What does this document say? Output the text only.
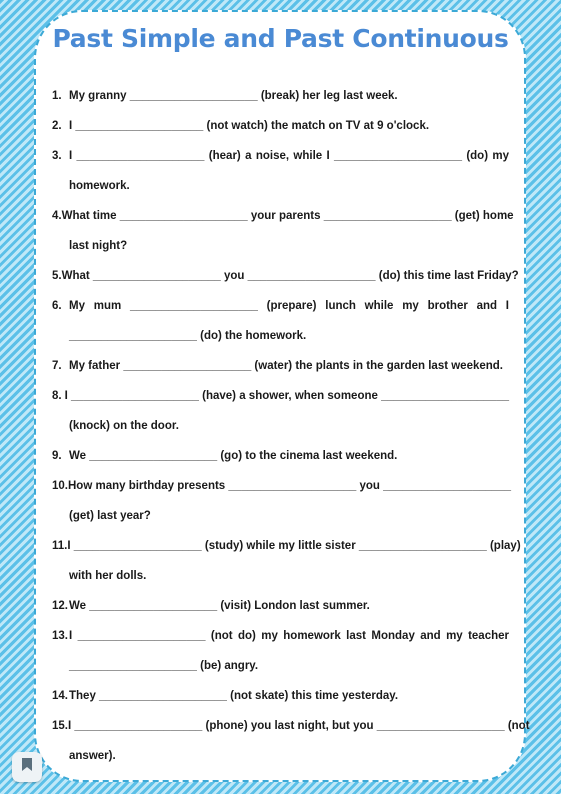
Past Simple and Past Continuous
1. My granny ____________________ (break) her leg last week.
2. I ____________________ (not watch) the match on TV at 9 o'clock.
3. I ____________________ (hear) a noise, while I ____________________ (do) my
homework.
4. What time ____________________ your parents ____________________ (get) home
last night?
5. What ____________________ you ____________________ (do) this time last Friday?
6. My mum ____________________ (prepare) lunch while my brother and I
____________________ (do) the homework.
7. My father ____________________ (water) the plants in the garden last weekend.
8. I ____________________ (have) a shower, when someone ____________________
(knock) on the door.
9. We ____________________ (go) to the cinema last weekend.
10. How many birthday presents ____________________ you ____________________
(get) last year?
11. I ____________________ (study) while my little sister ____________________ (play)
with her dolls.
12. We ____________________ (visit) London last summer.
13. I ____________________ (not do) my homework last Monday and my teacher
____________________ (be) angry.
14. They ____________________ (not skate) this time yesterday.
15. I ____________________ (phone) you last night, but you ____________________ (not
answer).
